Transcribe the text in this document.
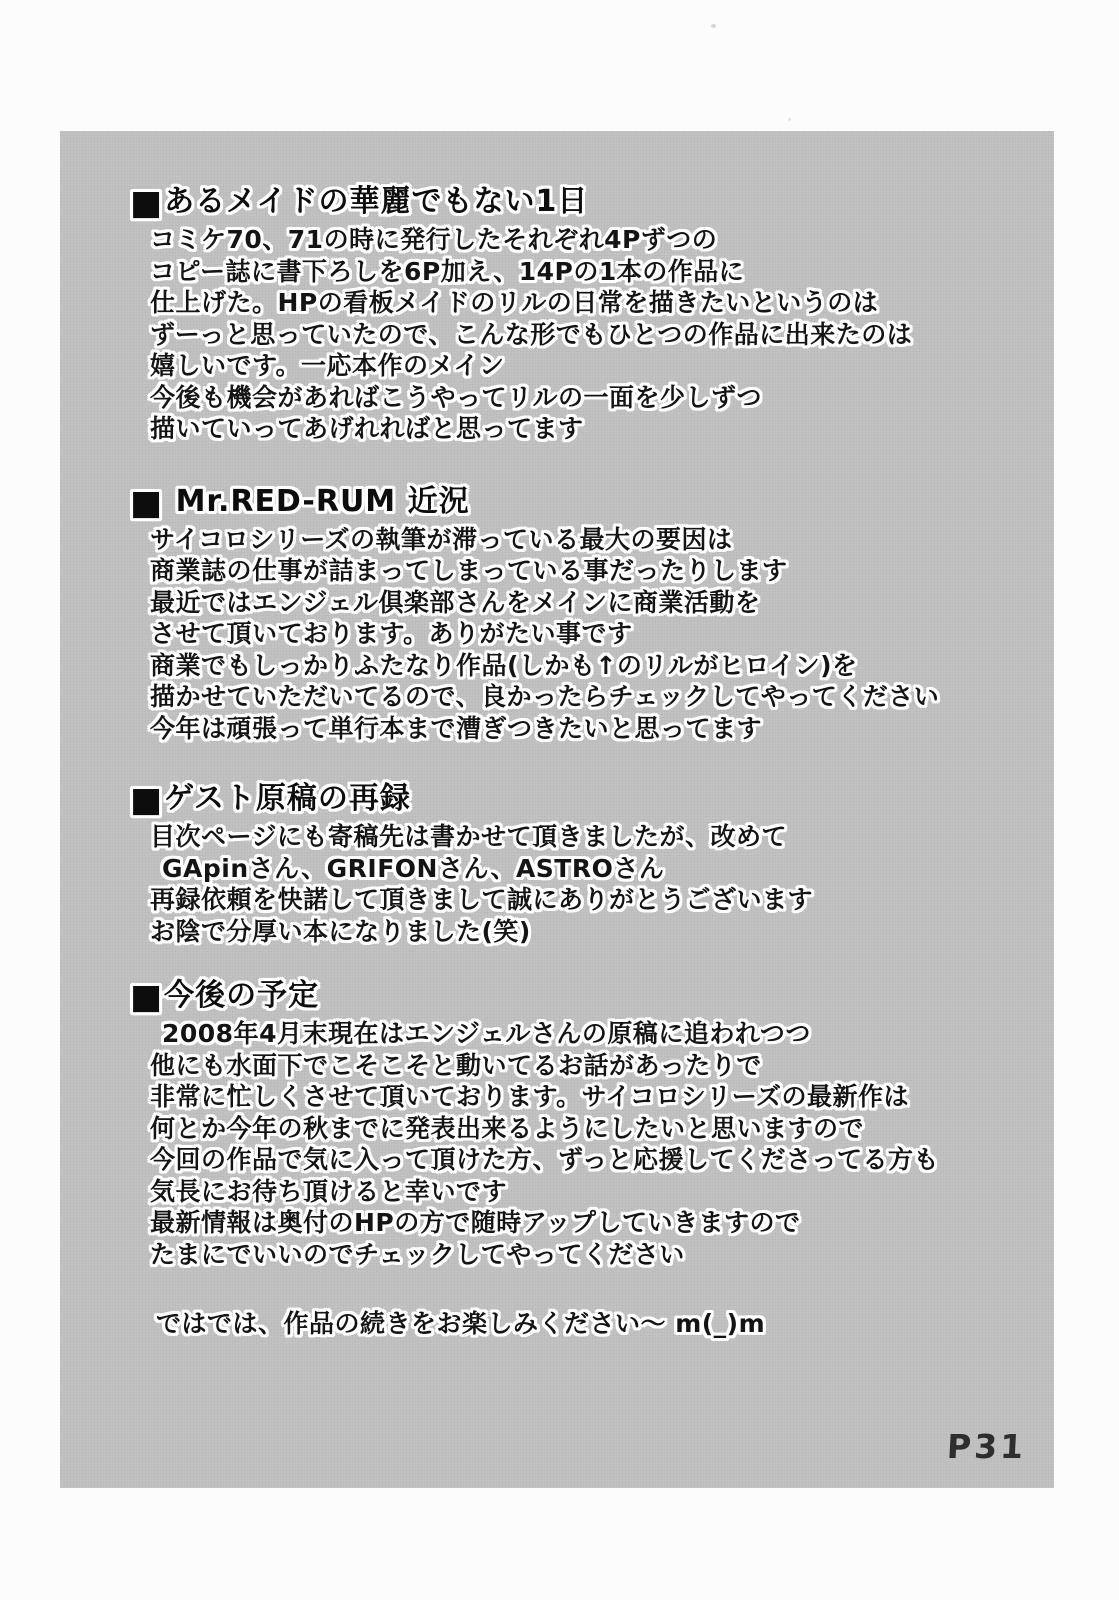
■あるメイドの華麗でもない1日
コミケ70、71の時に発行したそれぞれ4Pずつの
コピー誌に書下ろしを6P加え、14Pの1本の作品に
仕上げた。HPの看板メイドのリルの日常を描きたいというのは
ずーっと思っていたので、こんな形でもひとつの作品に出来たのは
嬉しいです。一応本作のメイン
今後も機会があればこうやってリルの一面を少しずつ
描いていってあげれればと思ってます
■ Mr.RED-RUM 近況
サイコロシリーズの執筆が滞っている最大の要因は
商業誌の仕事が詰まってしまっている事だったりします
最近ではエンジェル倶楽部さんをメインに商業活動を
させて頂いております。ありがたい事です
商業でもしっかりふたなり作品(しかも↑のリルがヒロイン)を
描かせていただいてるので、良かったらチェックしてやってください
今年は頑張って単行本まで漕ぎつきたいと思ってます
■ゲスト原稿の再録
目次ページにも寄稿先は書かせて頂きましたが、改めて
GApinさん、GRIFONさん、ASTROさん
再録依頼を快諾して頂きまして誠にありがとうございます
お陰で分厚い本になりました(笑)
■今後の予定
2008年4月末現在はエンジェルさんの原稿に追われつつ
他にも水面下でこそこそと動いてるお話があったりで
非常に忙しくさせて頂いております。サイコロシリーズの最新作は
何とか今年の秋までに発表出来るようにしたいと思いますので
今回の作品で気に入って頂けた方、ずっと応援してくださってる方も
気長にお待ち頂けると幸いです
最新情報は奥付のHPの方で随時アップしていきますので
たまにでいいのでチェックしてやってください
ではでは、作品の続きをお楽しみください～ m(_)m
P31
